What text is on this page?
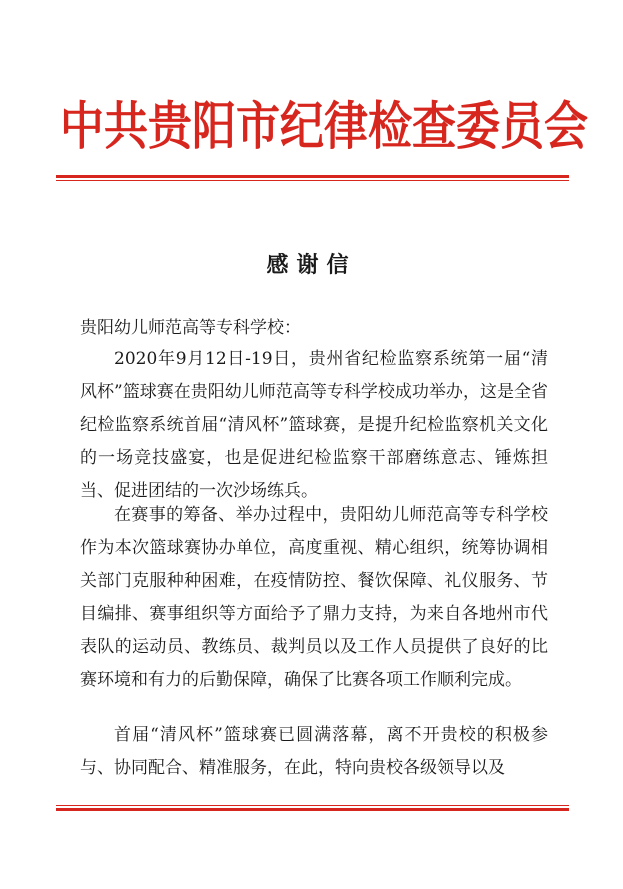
中共贵阳市纪律检查委员会
感谢信
贵阳幼儿师范高等专科学校：
2020年9月12日-19日，贵州省纪检监察系统第一届“清风杯”篮球赛在贵阳幼儿师范高等专科学校成功举办，这是全省纪检监察系统首届“清风杯”篮球赛，是提升纪检监察机关文化的一场竞技盛宴，也是促进纪检监察干部磨练意志、锤炼担当、促进团结的一次沙场练兵。
在赛事的筹备、举办过程中，贵阳幼儿师范高等专科学校作为本次篮球赛协办单位，高度重视、精心组织，统筹协调相关部门克服种种困难，在疫情防控、餐饮保障、礼仪服务、节目编排、赛事组织等方面给予了鼎力支持，为来自各地州市代表队的运动员、教练员、裁判员以及工作人员提供了良好的比赛环境和有力的后勤保障，确保了比赛各项工作顺利完成。
首届“清风杯”篮球赛已圆满落幕，离不开贵校的积极参与、协同配合、精准服务，在此，特向贵校各级领导以及
